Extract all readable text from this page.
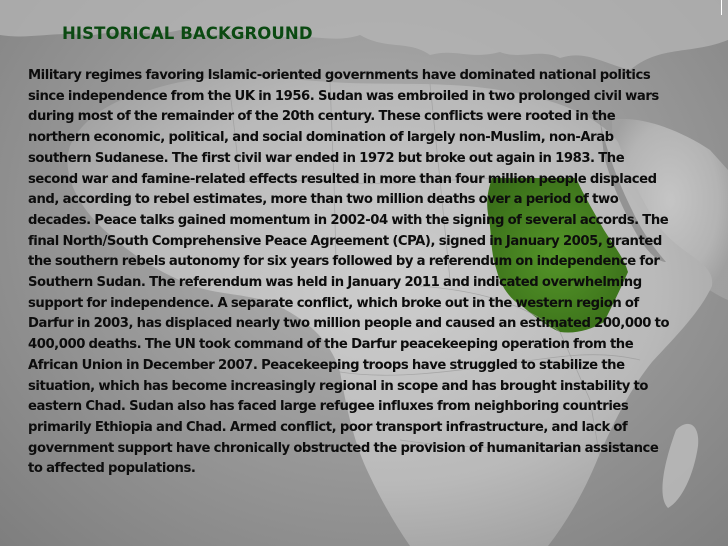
HISTORICAL BACKGROUND

Military regimes favoring Islamic-oriented governments have dominated national politics
since independence from the UK in 1956. Sudan was embroiled in two prolonged civil wars
during most of the remainder of the 20th century. These conflicts were rooted in the
northern economic, political, and social domination of largely non-Muslim, non-Arab
southern Sudanese. The first civil war ended in 1972 but broke out again in 1983. The
second war and famine-related effects resulted in more than four million people displaced
and, according to rebel estimates, more than two million deaths over a period of two
decades. Peace talks gained momentum in 2002-04 with the signing of several accords. The
final North/South Comprehensive Peace Agreement (CPA), signed in January 2005, granted
the southern rebels autonomy for six years followed by a referendum on independence for
Southern Sudan. The referendum was held in January 2011 and indicated overwhelming
support for independence. A separate conflict, which broke out in the western region of
Darfur in 2003, has displaced nearly two million people and caused an estimated 200,000 to
400,000 deaths. The UN took command of the Darfur peacekeeping operation from the
African Union in December 2007. Peacekeeping troops have struggled to stabilize the
situation, which has become increasingly regional in scope and has brought instability to
eastern Chad. Sudan also has faced large refugee influxes from neighboring countries
primarily Ethiopia and Chad. Armed conflict, poor transport infrastructure, and lack of
government support have chronically obstructed the provision of humanitarian assistance
to affected populations.
